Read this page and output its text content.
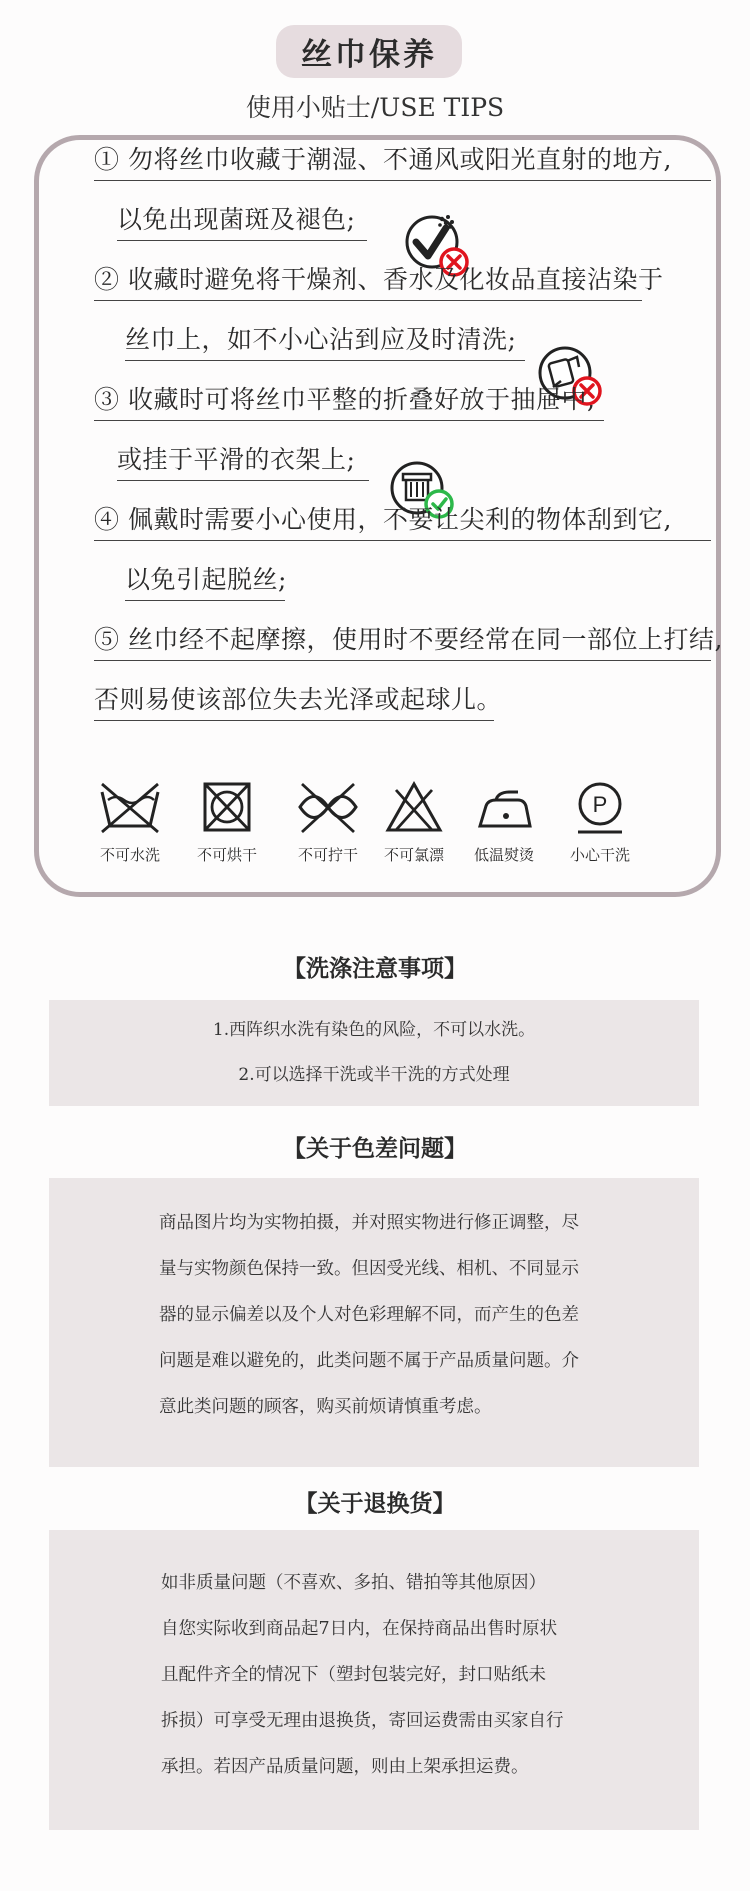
丝巾保养
使用小贴士/USE TIPS
① 勿将丝巾收藏于潮湿、不通风或阳光直射的地方,
以免出现菌斑及褪色;
② 收藏时避免将干燥剂、香水及化妆品直接沾染于
丝巾上，如不小心沾到应及时清洗;
③ 收藏时可将丝巾平整的折叠好放于抽屉中,
或挂于平滑的衣架上;
④ 佩戴时需要小心使用，不要让尖利的物体刮到它,
以免引起脱丝;
⑤ 丝巾经不起摩擦，使用时不要经常在同一部位上打结,
否则易使该部位失去光泽或起球儿。
不可水洗 不可烘干	不可拧干 不可氯漂 低温熨烫
P
小心干洗
【洗涤注意事项】

1.西阵织水洗有染色的风险，不可以水洗。

2.可以选择干洗或半干洗的方式处理

【关于色差问题】

商品图片均为实物拍摄，并对照实物进行修正调整，尽

量与实物颜色保持一致。但因受光线、相机、不同显示

器的显示偏差以及个人对色彩理解不同，而产生的色差

问题是难以避免的，此类问题不属于产品质量问题。介

意此类问题的顾客，购买前烦请慎重考虑。

【关于退换货】

如非质量问题（不喜欢、多拍、错拍等其他原因）

自您实际收到商品起7日内，在保持商品出售时原状

且配件齐全的情况下（塑封包装完好，封口贴纸未

拆损）可享受无理由退换货，寄回运费需由买家自行

承担。若因产品质量问题，则由上架承担运费。
